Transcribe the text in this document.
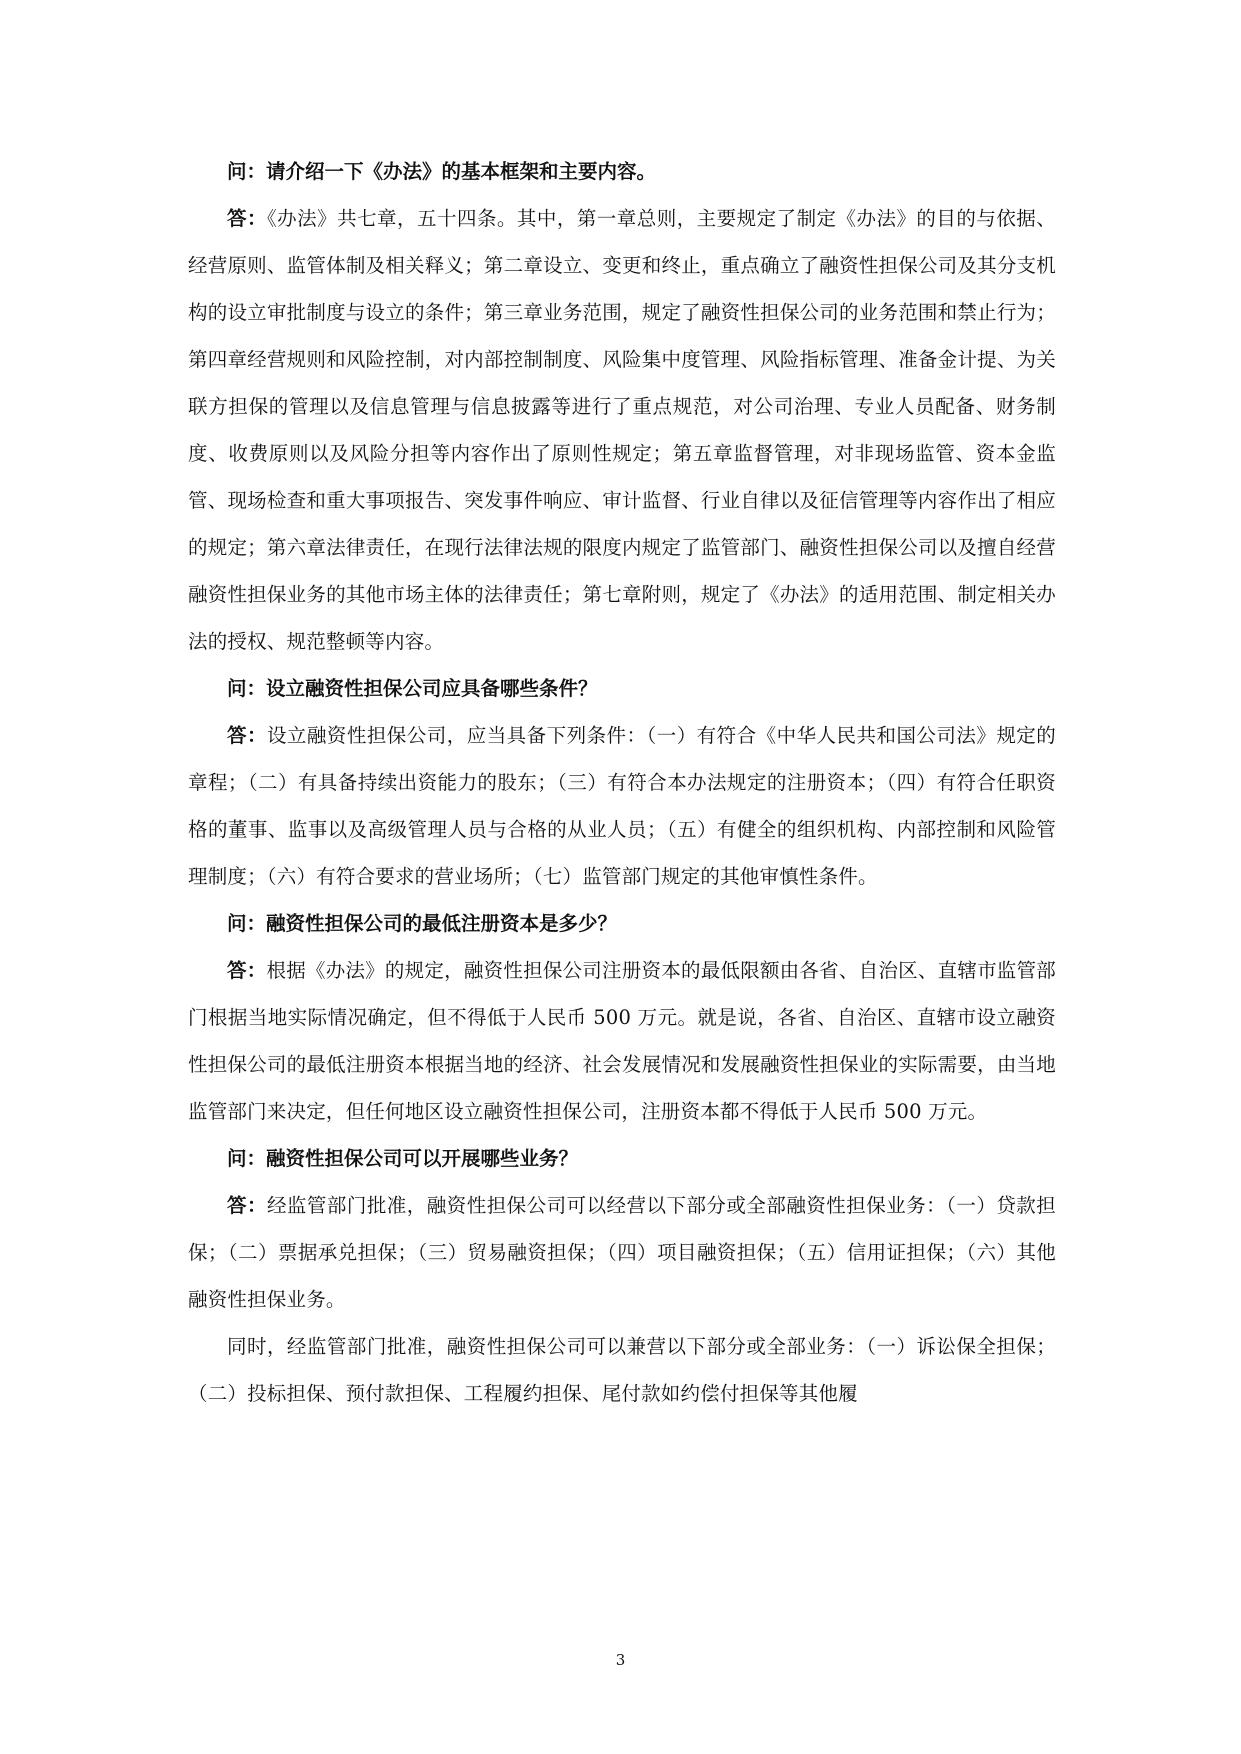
问：请介绍一下《办法》的基本框架和主要内容。

答：《办法》共七章，五十四条。其中，第一章总则，主要规定了制定《办法》的目的与依据、经营原则、监管体制及相关释义；第二章设立、变更和终止，重点确立了融资性担保公司及其分支机构的设立审批制度与设立的条件；第三章业务范围，规定了融资性担保公司的业务范围和禁止行为；第四章经营规则和风险控制，对内部控制制度、风险集中度管理、风险指标管理、准备金计提、为关联方担保的管理以及信息管理与信息披露等进行了重点规范，对公司治理、专业人员配备、财务制度、收费原则以及风险分担等内容作出了原则性规定；第五章监督管理，对非现场监管、资本金监管、现场检查和重大事项报告、突发事件响应、审计监督、行业自律以及征信管理等内容作出了相应的规定；第六章法律责任，在现行法律法规的限度内规定了监管部门、融资性担保公司以及擅自经营融资性担保业务的其他市场主体的法律责任；第七章附则，规定了《办法》的适用范围、制定相关办法的授权、规范整顿等内容。

问：设立融资性担保公司应具备哪些条件？

答：设立融资性担保公司，应当具备下列条件：（一）有符合《中华人民共和国公司法》规定的章程；（二）有具备持续出资能力的股东；（三）有符合本办法规定的注册资本；（四）有符合任职资格的董事、监事以及高级管理人员与合格的从业人员；（五）有健全的组织机构、内部控制和风险管理制度；（六）有符合要求的营业场所；（七）监管部门规定的其他审慎性条件。

问：融资性担保公司的最低注册资本是多少？

答：根据《办法》的规定，融资性担保公司注册资本的最低限额由各省、自治区、直辖市监管部门根据当地实际情况确定，但不得低于人民币 500 万元。就是说，各省、自治区、直辖市设立融资性担保公司的最低注册资本根据当地的经济、社会发展情况和发展融资性担保业的实际需要，由当地监管部门来决定，但任何地区设立融资性担保公司，注册资本都不得低于人民币 500 万元。

问：融资性担保公司可以开展哪些业务？

答：经监管部门批准，融资性担保公司可以经营以下部分或全部融资性担保业务：（一）贷款担保；（二）票据承兑担保；（三）贸易融资担保；（四）项目融资担保；（五）信用证担保；（六）其他融资性担保业务。

同时，经监管部门批准，融资性担保公司可以兼营以下部分或全部业务：（一）诉讼保全担保；（二）投标担保、预付款担保、工程履约担保、尾付款如约偿付担保等其他履

3
